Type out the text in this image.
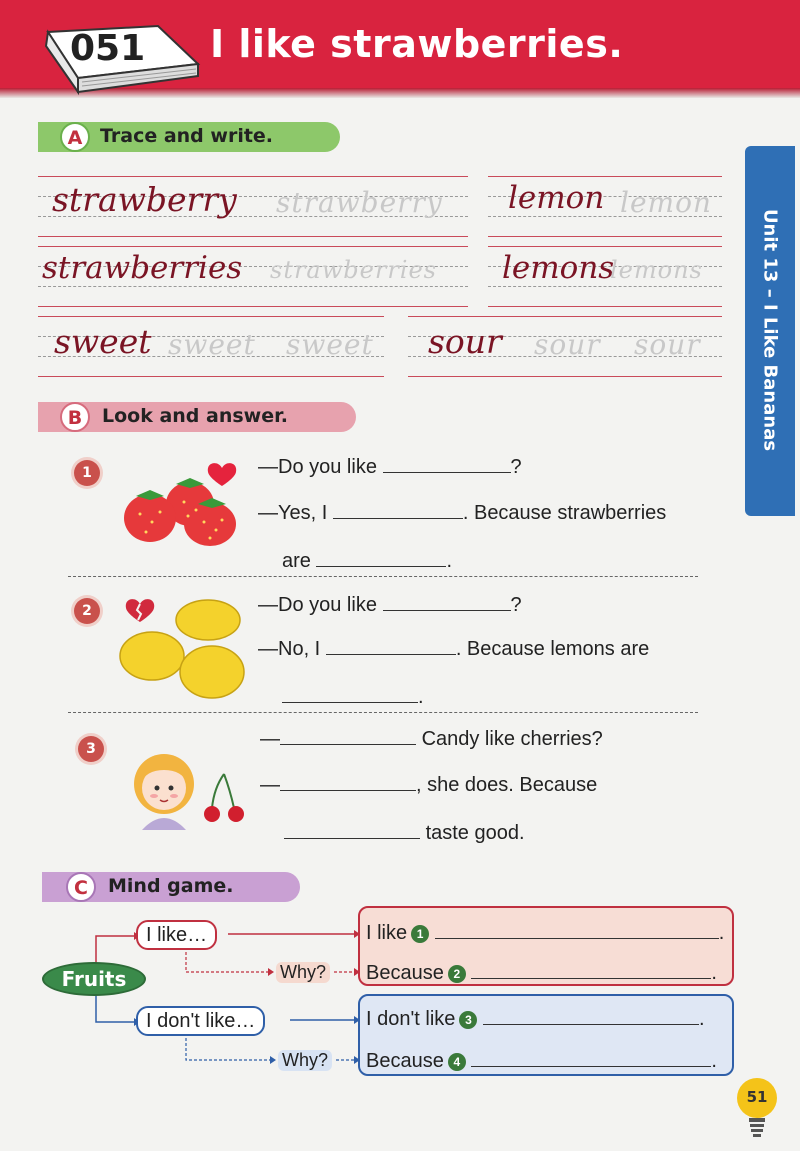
051 I like strawberries.
Unit 13 – I Like Bananas
A Trace and write.
strawberry strawberry lemon lemon
strawberries strawberries lemons
lemons
sweet sweet sweet sour sour sour
B	Look and answer.
1	—Do you like	?
—Yes, I	. Because strawberries
are	.
2	—Do you like	?
—No, I	. Because lemons are
.
3	—	Candy like cherries?
—	, she does. Because
taste good.
C	Mind game.
Fruits
I like…
I don't like…
Why?
Why?
I like 1	.
Because 2	.
I don't like 3	.
Because 4	.
51
